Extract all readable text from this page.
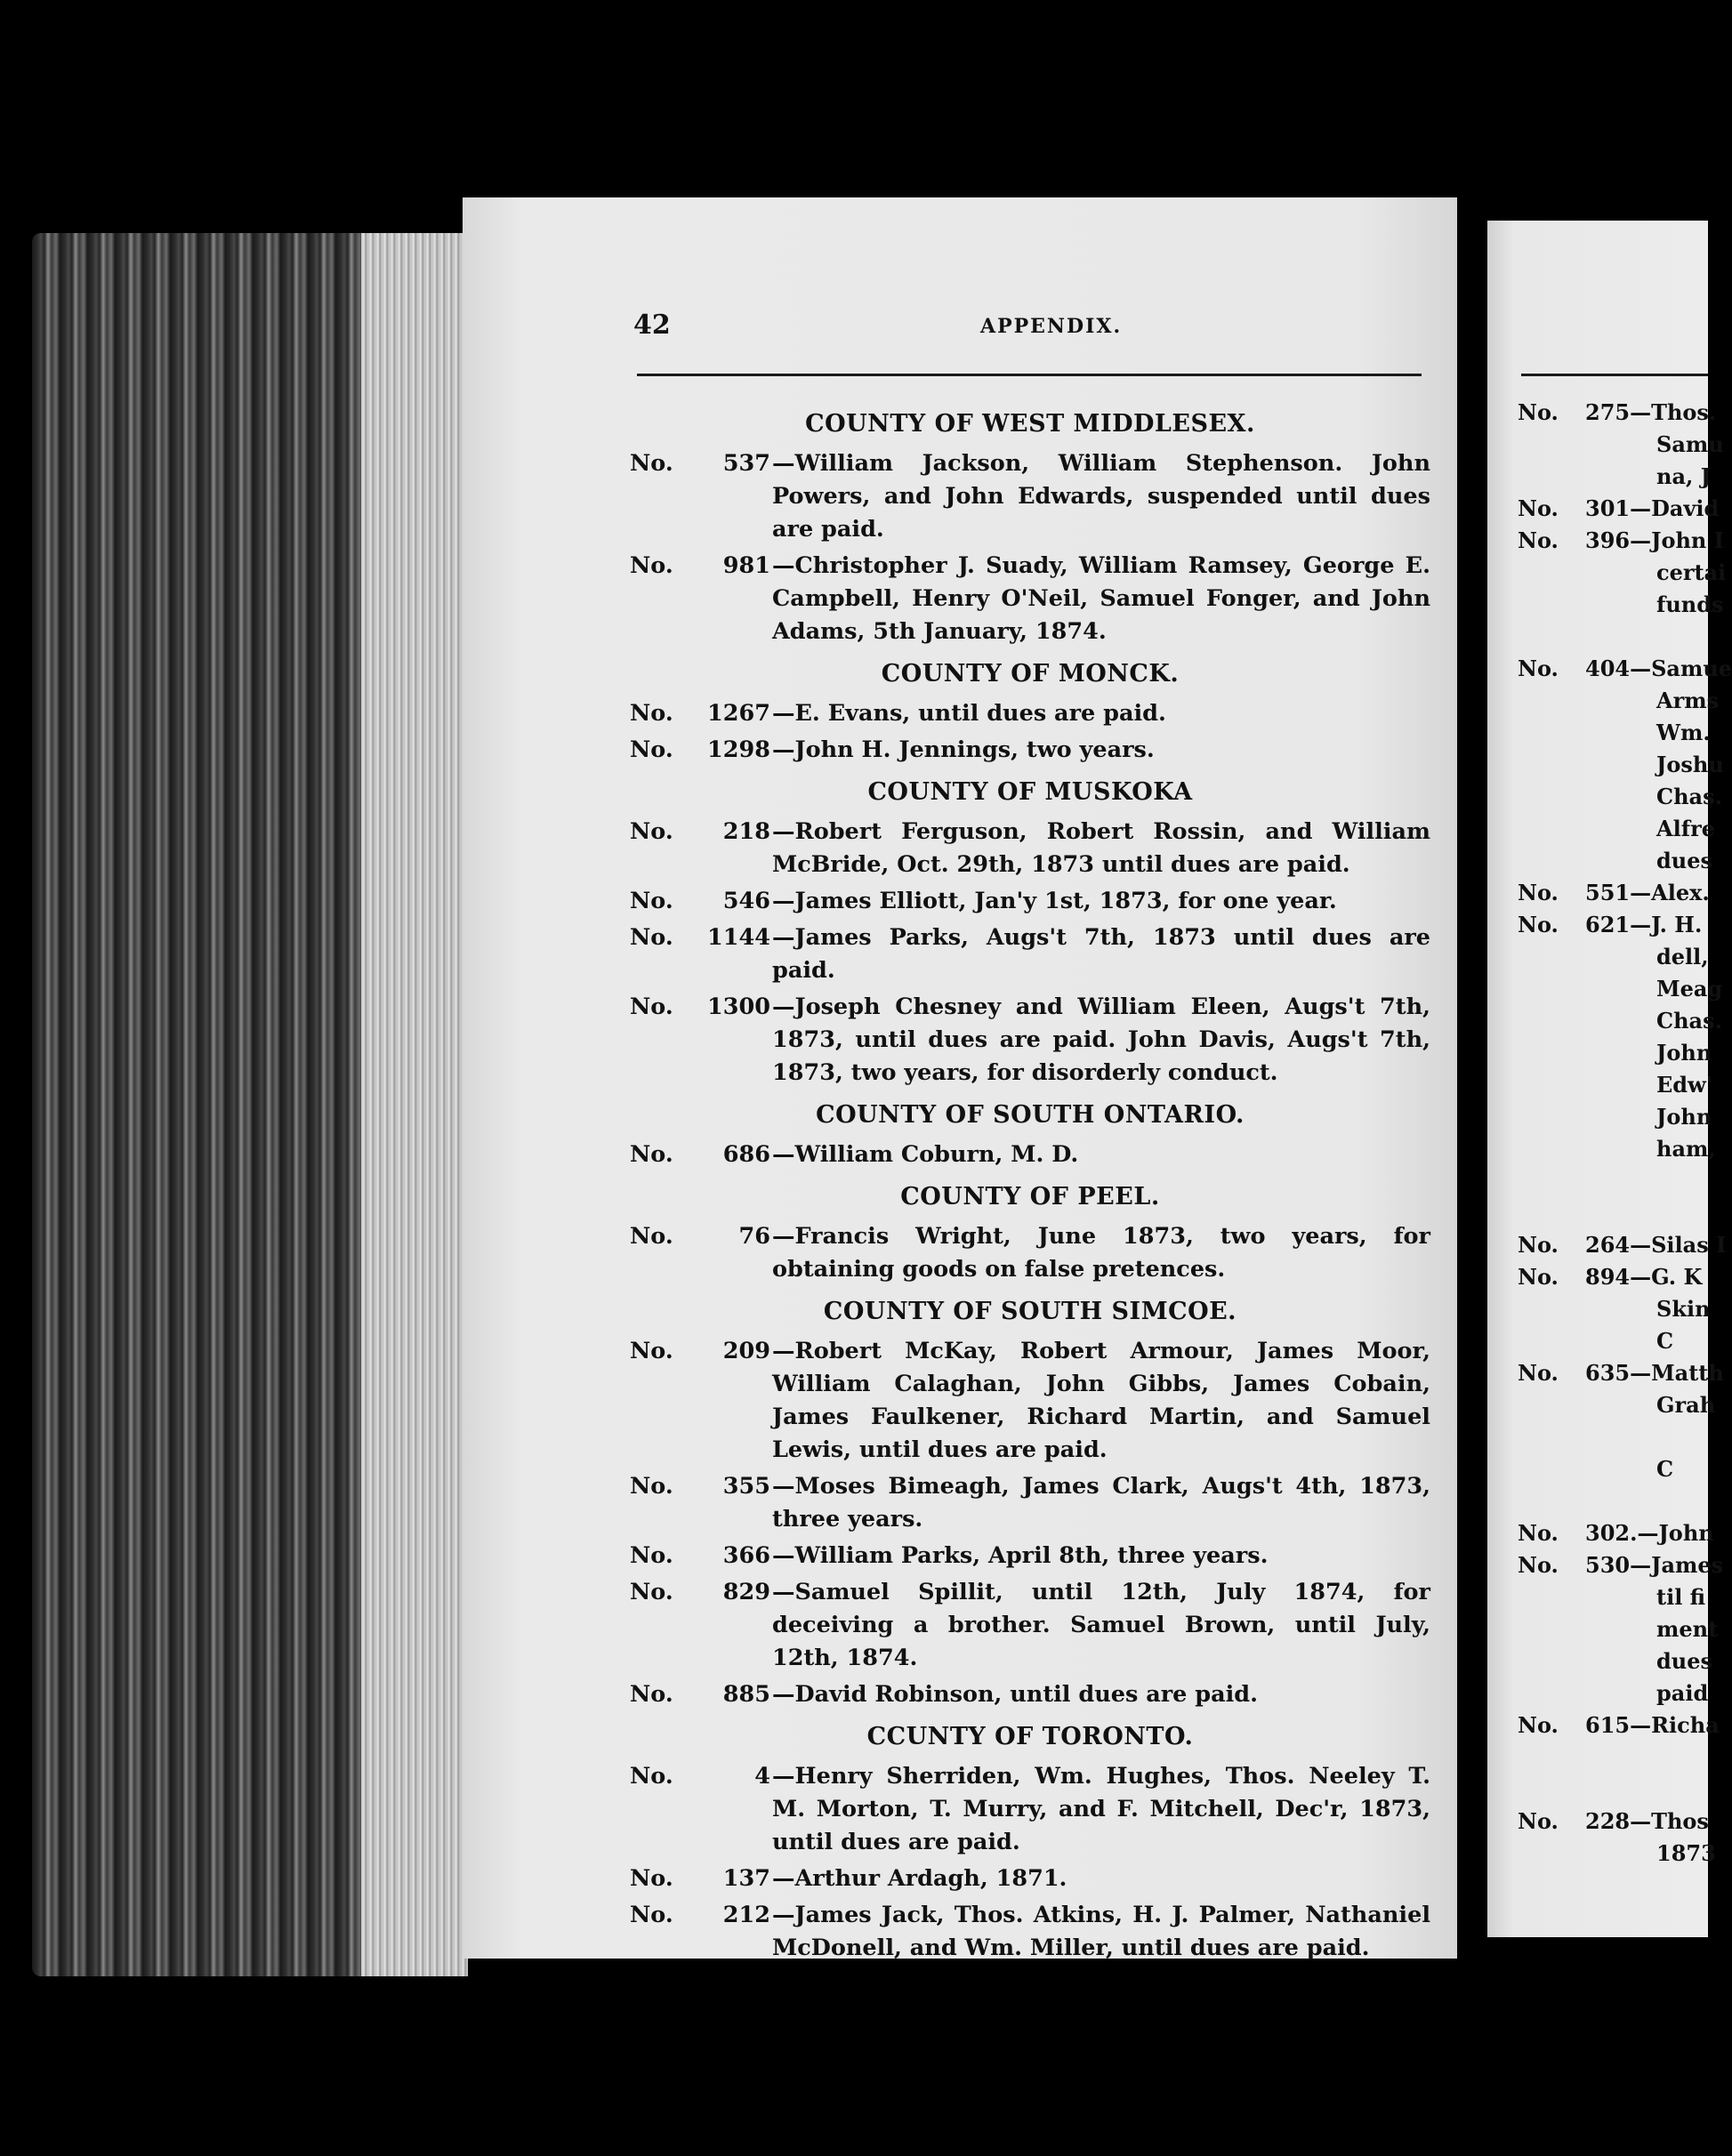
42	APPENDIX.
COUNTY OF WEST MIDDLESEX.
No.	537 —William Jackson, William Stephenson. John Powers, and John Edwards, suspended until dues are paid.
No.	981 —Christopher J. Suady, William Ramsey, George E. Campbell, Henry O'Neil, Samuel Fonger, and John Adams, 5th January, 1874.
COUNTY OF MONCK.
No.	1267 —E. Evans, until dues are paid.
No.	1298 —John H. Jennings, two years.
COUNTY OF MUSKOKA
No.	218 —Robert Ferguson, Robert Rossin, and William McBride, Oct. 29th, 1873 until dues are paid.
No.	546 —James Elliott, Jan'y 1st, 1873, for one year.
No.	1144 —James Parks, Augs't 7th, 1873 until dues are paid.
No.	1300 —Joseph Chesney and William Eleen, Augs't 7th, 1873, until dues are paid. John Davis, Augs't 7th, 1873, two years, for disorderly conduct.
COUNTY OF SOUTH ONTARIO.
No.	686 —William Coburn, M. D.
COUNTY OF PEEL.
No.	76 —Francis Wright, June 1873, two years, for obtaining goods on false pretences.
COUNTY OF SOUTH SIMCOE.
No.	209 —Robert McKay, Robert Armour, James Moor, William Calaghan, John Gibbs, James Cobain, James Faulkener, Richard Martin, and Samuel Lewis, until dues are paid.
No.	355 —Moses Bimeagh, James Clark, Augs't 4th, 1873, three years.
No.	366 —William Parks, April 8th, three years.
No.	829 —Samuel Spillit, until 12th, July 1874, for deceiving a brother. Samuel Brown, until July, 12th, 1874.
No.	885 —David Robinson, until dues are paid.
CCUNTY OF TORONTO.
No.	4 —Henry Sherriden, Wm. Hughes, Thos. Neeley T. M. Morton, T. Murry, and F. Mitchell, Dec'r, 1873, until dues are paid.
No.	137 —Arthur Ardagh, 1871.
No.	212 —James Jack, Thos. Atkins, H. J. Palmer, Nathaniel McDonell, and Wm. Miller, until dues are paid.
No. 275—Thos.
Samu
na, J
No. 301—David
No. 396—John I
certai
funds
No. 404—Samue
Arms
Wm.
Joshu
Chas.
Alfre
dues
No. 551—Alex.
No. 621—J. H.
dell,
Meag
Chas.
John
Edw'
John
ham,
No. 264—Silas I
No. 894—G. K
Skin
C
No. 635—Matth
Grah
C
No. 302.—John
No. 530—James
til fi
ment
dues
paid
No. 615—Richa
No. 228—Thos
1873
